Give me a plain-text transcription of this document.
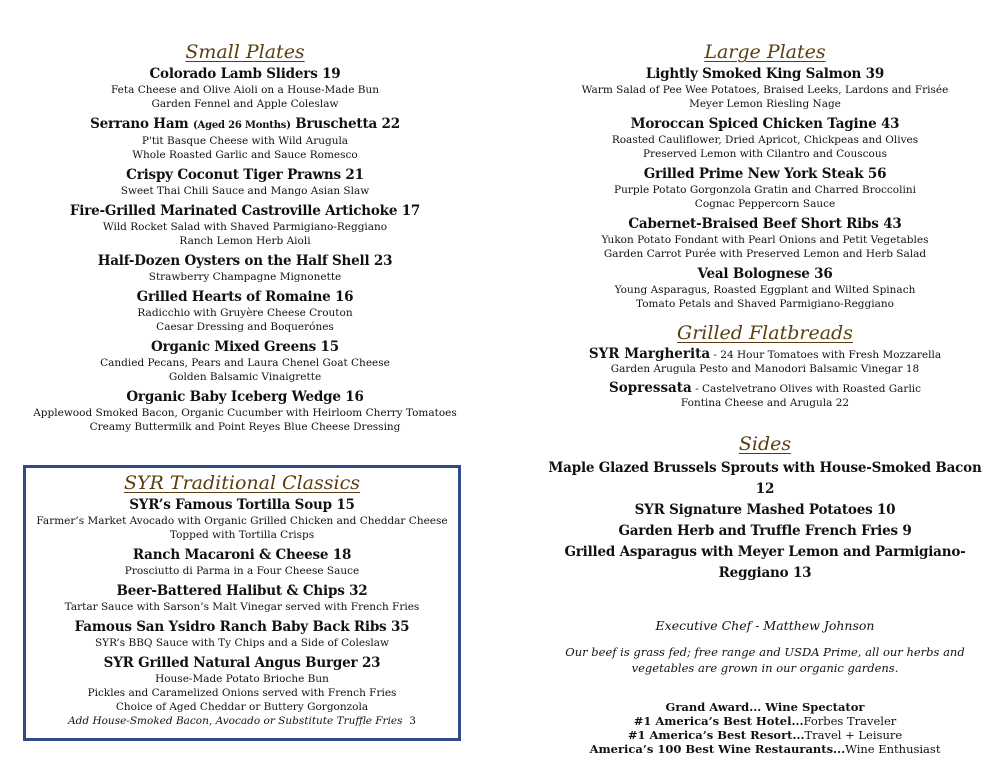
Small Plates
Colorado Lamb Sliders 19
Feta Cheese and Olive Aioli on a House-Made Bun
Garden Fennel and Apple Coleslaw
Serrano Ham (Aged 26 Months) Bruschetta 22
P'tit Basque Cheese with Wild Arugula
Whole Roasted Garlic and Sauce Romesco
Crispy Coconut Tiger Prawns 21
Sweet Thai Chili Sauce and Mango Asian Slaw
Fire-Grilled Marinated Castroville Artichoke 17
Wild Rocket Salad with Shaved Parmigiano-Reggiano
Ranch Lemon Herb Aioli
Half-Dozen Oysters on the Half Shell 23
Strawberry Champagne Mignonette
Grilled Hearts of Romaine 16
Radicchio with Gruyère Cheese Crouton
Caesar Dressing and Boquerónes
Organic Mixed Greens 15
Candied Pecans, Pears and Laura Chenel Goat Cheese
Golden Balsamic Vinaigrette
Organic Baby Iceberg Wedge 16
Applewood Smoked Bacon, Organic Cucumber with Heirloom Cherry Tomatoes
Creamy Buttermilk and Point Reyes Blue Cheese Dressing
SYR Traditional Classics
SYR’s Famous Tortilla Soup 15
Farmer’s Market Avocado with Organic Grilled Chicken and Cheddar Cheese
Topped with Tortilla Crisps
Ranch Macaroni & Cheese 18
Prosciutto di Parma in a Four Cheese Sauce
Beer-Battered Halibut & Chips 32
Tartar Sauce with Sarson’s Malt Vinegar served with French Fries
Famous San Ysidro Ranch Baby Back Ribs 35
SYR’s BBQ Sauce with Ty Chips and a Side of Coleslaw
SYR Grilled Natural Angus Burger 23
House-Made Potato Brioche Bun
Pickles and Caramelized Onions served with French Fries
Choice of Aged Cheddar or Buttery Gorgonzola
Add House-Smoked Bacon, Avocado or Substitute Truffle Fries 3
Large Plates
Lightly Smoked King Salmon 39
Warm Salad of Pee Wee Potatoes, Braised Leeks, Lardons and Frisée
Meyer Lemon Riesling Nage
Moroccan Spiced Chicken Tagine 43
Roasted Cauliflower, Dried Apricot, Chickpeas and Olives
Preserved Lemon with Cilantro and Couscous
Grilled Prime New York Steak 56
Purple Potato Gorgonzola Gratin and Charred Broccolini
Cognac Peppercorn Sauce
Cabernet-Braised Beef Short Ribs 43
Yukon Potato Fondant with Pearl Onions and Petit Vegetables
Garden Carrot Purée with Preserved Lemon and Herb Salad
Veal Bolognese 36
Young Asparagus, Roasted Eggplant and Wilted Spinach
Tomato Petals and Shaved Parmigiano-Reggiano
Grilled Flatbreads
SYR Margherita - 24 Hour Tomatoes with Fresh Mozzarella
Garden Arugula Pesto and Manodori Balsamic Vinegar 18
Sopressata - Castelvetrano Olives with Roasted Garlic
Fontina Cheese and Arugula 22
Sides
Maple Glazed Brussels Sprouts with House-Smoked Bacon 12
SYR Signature Mashed Potatoes 10
Garden Herb and Truffle French Fries 9
Grilled Asparagus with Meyer Lemon and Parmigiano-Reggiano 13
Executive Chef - Matthew Johnson
Our beef is grass fed; free range and USDA Prime, all our herbs and vegetables are grown in our organic gardens.
Grand Award... Wine Spectator
#1 America’s Best Hotel...Forbes Traveler
#1 America’s Best Resort...Travel + Leisure
America’s 100 Best Wine Restaurants...Wine Enthusiast
